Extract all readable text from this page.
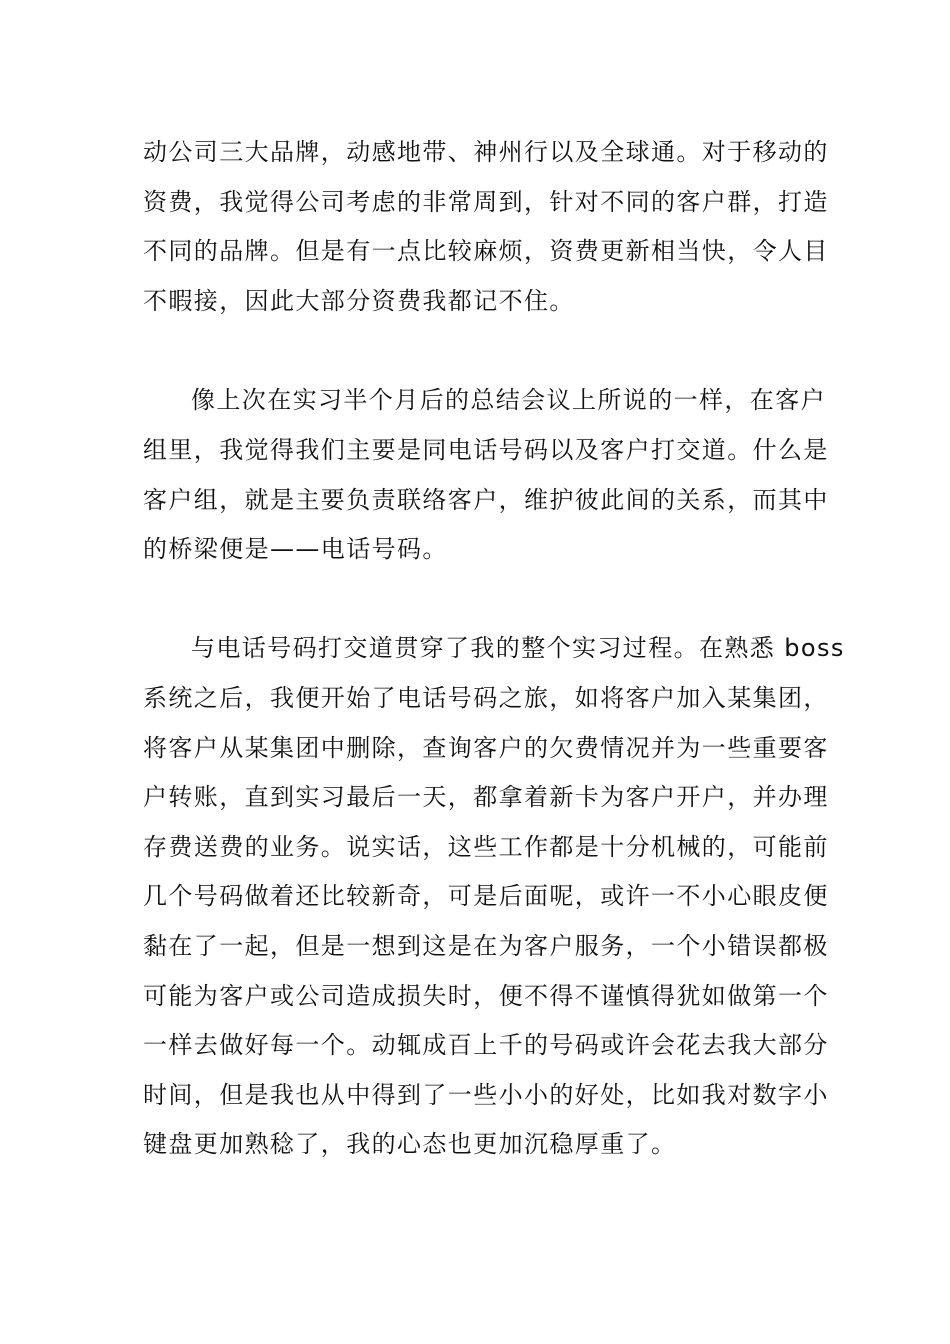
动公司三大品牌，动感地带、神州行以及全球通。对于移动的
资费，我觉得公司考虑的非常周到，针对不同的客户群，打造
不同的品牌。但是有一点比较麻烦，资费更新相当快，令人目
不暇接，因此大部分资费我都记不住。
像上次在实习半个月后的总结会议上所说的一样，在客户
组里，我觉得我们主要是同电话号码以及客户打交道。什么是
客户组，就是主要负责联络客户，维护彼此间的关系，而其中
的桥梁便是——电话号码。
与电话号码打交道贯穿了我的整个实习过程。在熟悉 boss
系统之后，我便开始了电话号码之旅，如将客户加入某集团，
将客户从某集团中删除，查询客户的欠费情况并为一些重要客
户转账，直到实习最后一天，都拿着新卡为客户开户，并办理
存费送费的业务。说实话，这些工作都是十分机械的，可能前
几个号码做着还比较新奇，可是后面呢，或许一不小心眼皮便
黏在了一起，但是一想到这是在为客户服务，一个小错误都极
可能为客户或公司造成损失时，便不得不谨慎得犹如做第一个
一样去做好每一个。动辄成百上千的号码或许会花去我大部分
时间，但是我也从中得到了一些小小的好处，比如我对数字小
键盘更加熟稔了，我的心态也更加沉稳厚重了。
